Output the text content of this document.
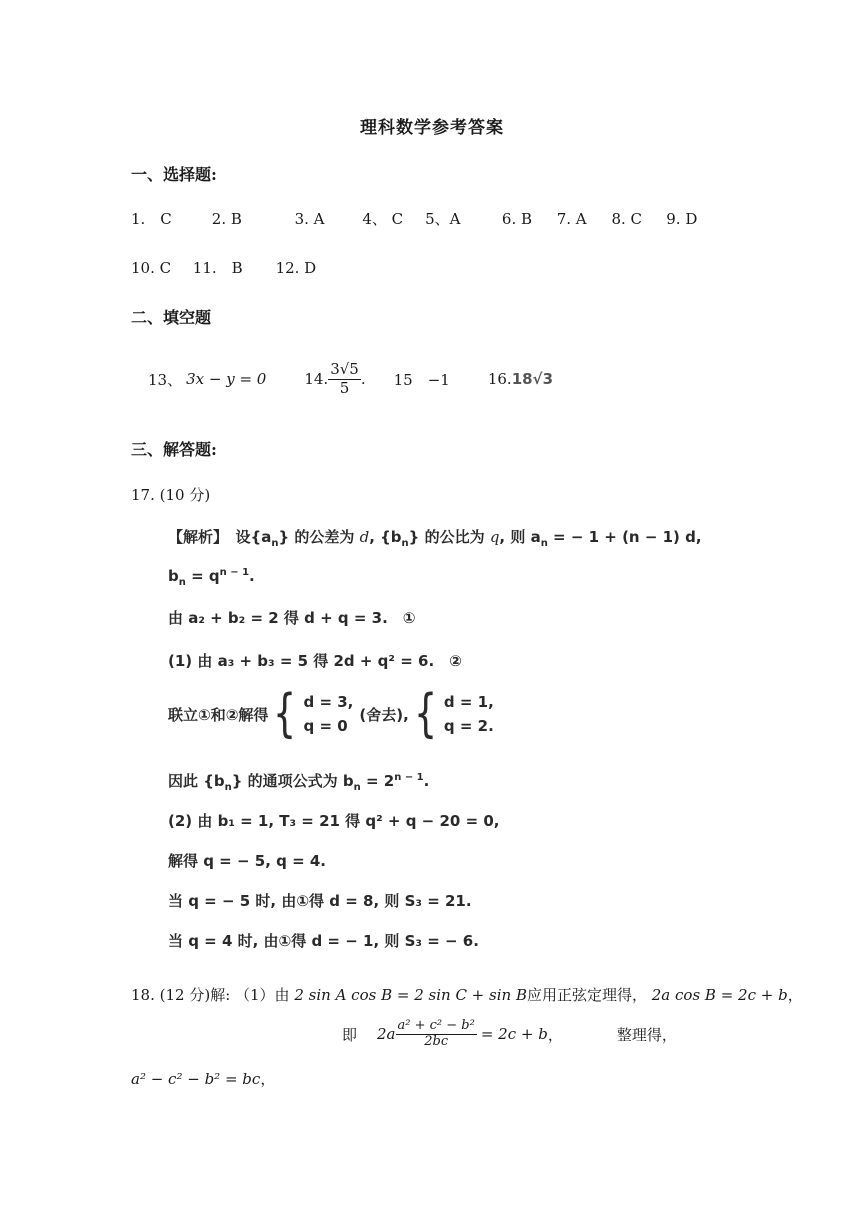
理科数学参考答案
一、选择题:
1.　C	2. B	3. A	4、 C 5、A	6. B 7. A 8. C 9. D
10. C 11.　B 12. D
二、填空题
13、 3x − y = 0	14. $\frac{3√5}{5}$ . 15　−1	16. 18√3
三、解答题:
17. (10 分)
【解析】　设$\{a_n\}$ 的公差为 d, $\{b_n\}$ 的公比为 q, 则 $a_n$ = − 1 + (n − 1) d,
$b_n = q^{n - 1}$.
由 a₂ + b₂ = 2 得 d + q = 3.　①
(1) 由 a₃ + b₃ = 5 得 2d + q² = 6.　②
联立①和②解得 { d = 3,
q = 0
(舍去), { d = 1,
q = 2.
因此 $\{b_n\}$ 的通项公式为 $b_n = 2^{n - 1}$.
(2) 由 b₁ = 1, T₃ = 21 得 q² + q − 20 = 0,
解得 q = − 5, q = 4.
当 q = − 5 时, 由①得 d = 8, 则 S₃ = 21.
当 q = 4 时, 由①得 d = − 1, 则 S₃ = − 6.
18. (12 分)解: （1）由 2 sin A cos B = 2 sin C + sin B应用正弦定理得， 2a cos B = 2c + b，
即 $2a \frac{\text{a² + c² − b²}}{2bc} = 2c + b$ ，	整理得，
a² − c² − b² = bc，
